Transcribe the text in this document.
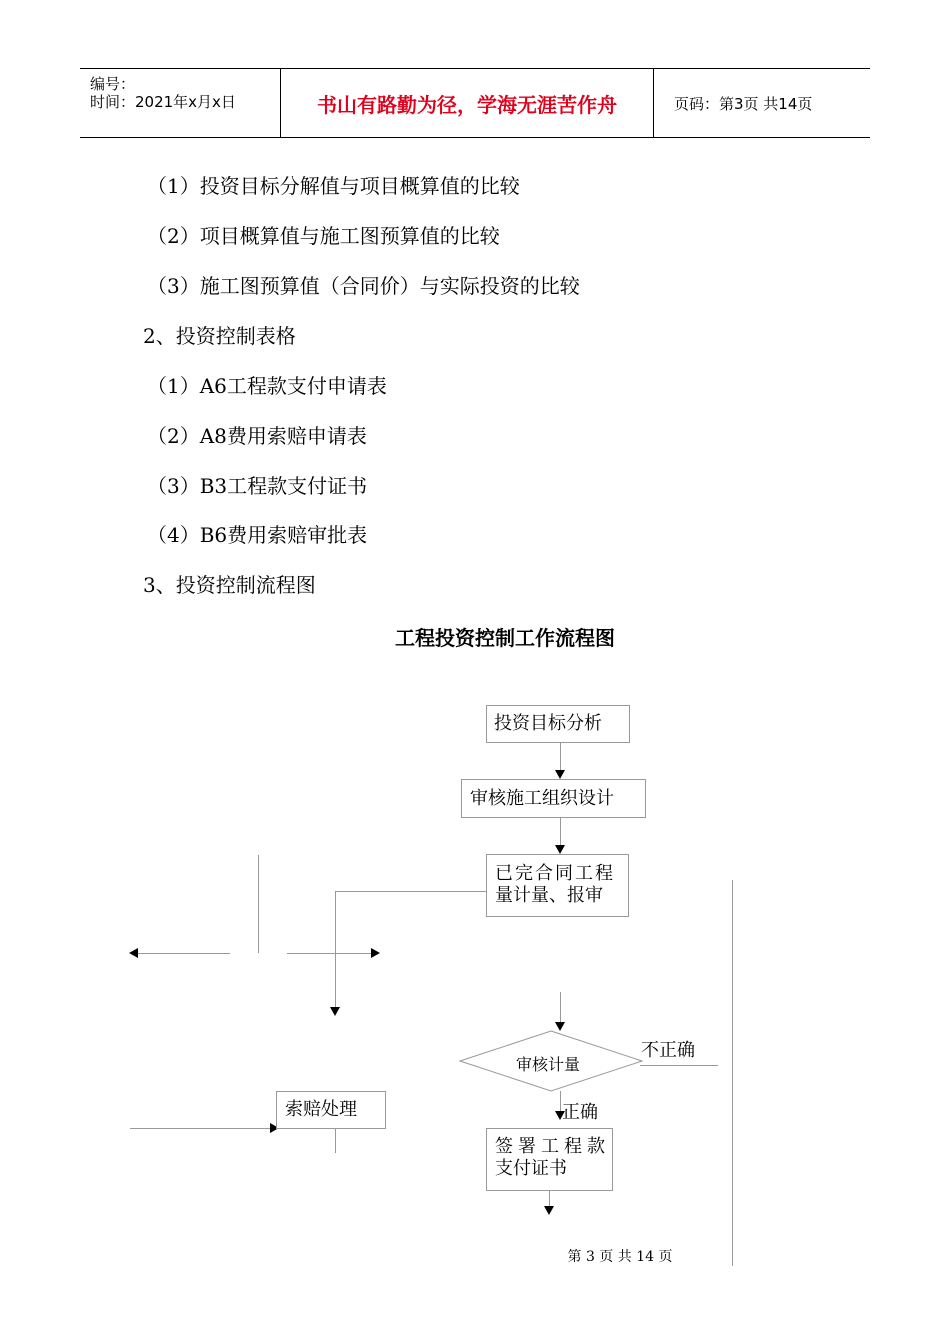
编号：
时间：2021年x月x日	书山有路勤为径，学海无涯苦作舟	页码：第3页 共14页
（1）投资目标分解值与项目概算值的比较
（2）项目概算值与施工图预算值的比较
（3）施工图预算值（合同价）与实际投资的比较
2、投资控制表格
（1）A6工程款支付申请表
（2）A8费用索赔申请表
（3）B3工程款支付证书
（4）B6费用索赔审批表
3、投资控制流程图
工程投资控制工作流程图
投资目标分析
审核施工组织设计
已完合同工程
量计量、报审
审核计量
不正确
正确
索赔处理
签署工程款
支付证书
第 3 页 共 14 页
